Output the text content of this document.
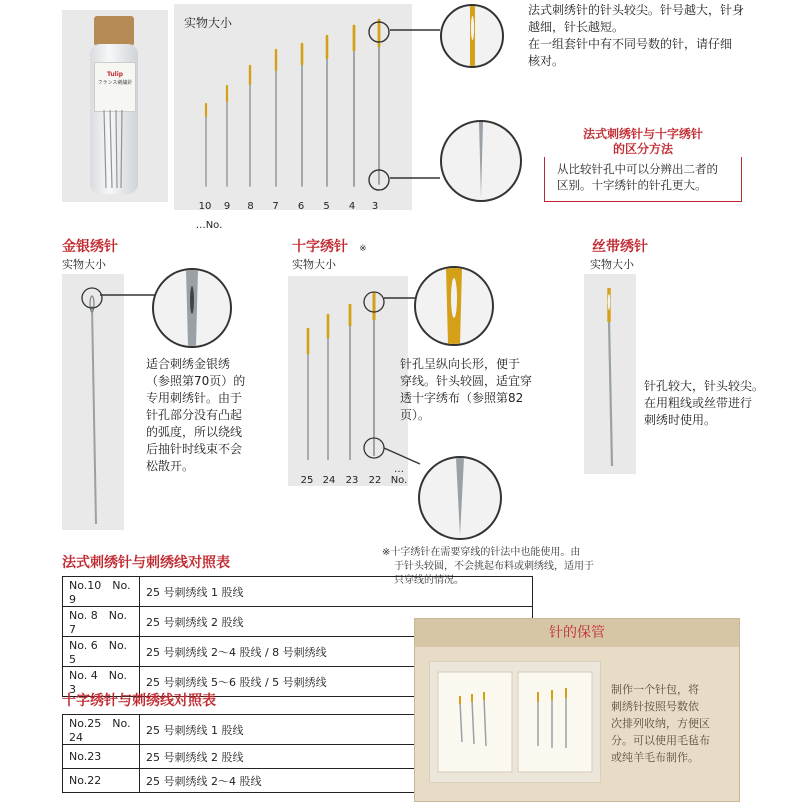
Tulip
フランス刺繍針
实物大小
10 9 8 7 6 5 4 3…No.
法式刺绣针的针头较尖。针号越大，针身
越细，针长越短。
在一组套针中有不同号数的针，请仔细
核对。
法式刺绣针与十字绣针
的区分方法
从比较针孔中可以分辨出二者的
区别。十字绣针的针孔更大。
金银绣针
实物大小
适合刺绣金银绣
（参照第70页）的
专用刺绣针。由于
针孔部分没有凸起
的弧度，所以绕线
后抽针时线束不会
松散开。
十字绣针 ※
实物大小
25 24 23 22…No.
针孔呈纵向长形，便于
穿线。针头较圆，适宜穿
透十字绣布（参照第82
页）。
※十字绣针在需要穿线的针法中也能使用。由
于针头较圆，不会挑起布料或刺绣线，适用于
只穿线的情况。
丝带绣针
实物大小
针孔较大，针头较尖。
在用粗线或丝带进行
刺绣时使用。
法式刺绣针与刺绣线对照表
No.10　No. 9	25 号刺绣线 1 股线
No. 8　No. 7	25 号刺绣线 2 股线
No. 6　No. 5	25 号刺绣线 2～4 股线 / 8 号刺绣线
No. 4　No. 3	25 号刺绣线 5～6 股线 / 5 号刺绣线
十字绣针与刺绣线对照表
No.25　No. 24	25 号刺绣线 1 股线
No.23	25 号刺绣线 2 股线
No.22	25 号刺绣线 2～4 股线
针的保管
制作一个针包，将
刺绣针按照号数依
次排列收纳，方便区
分。可以使用毛毡布
或纯羊毛布制作。
